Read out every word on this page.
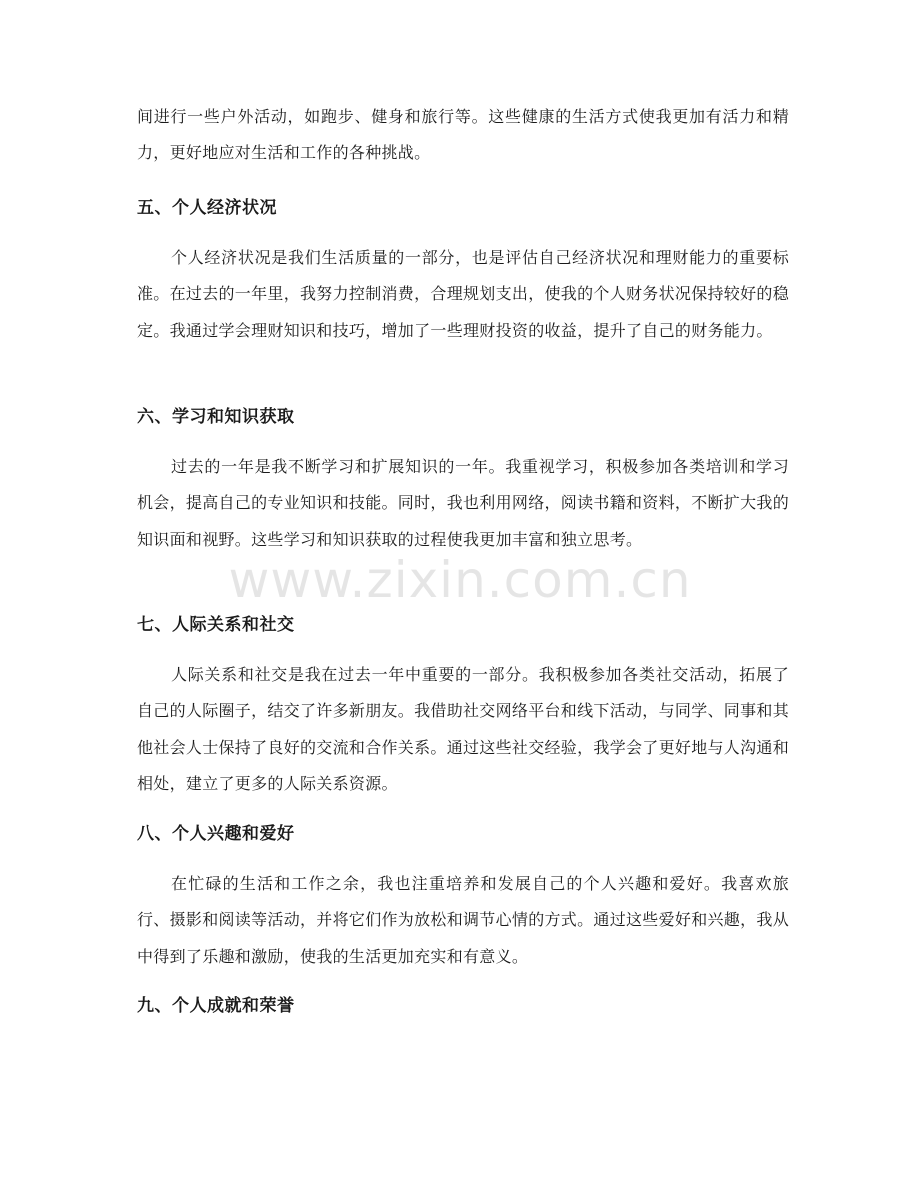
间进行一些户外活动，如跑步、健身和旅行等。这些健康的生活方式使我更加有活力和精力，更好地应对生活和工作的各种挑战。

五、个人经济状况

个人经济状况是我们生活质量的一部分，也是评估自己经济状况和理财能力的重要标准。在过去的一年里，我努力控制消费，合理规划支出，使我的个人财务状况保持较好的稳定。我通过学会理财知识和技巧，增加了一些理财投资的收益，提升了自己的财务能力。

六、学习和知识获取

过去的一年是我不断学习和扩展知识的一年。我重视学习，积极参加各类培训和学习机会，提高自己的专业知识和技能。同时，我也利用网络，阅读书籍和资料，不断扩大我的知识面和视野。这些学习和知识获取的过程使我更加丰富和独立思考。

七、人际关系和社交

人际关系和社交是我在过去一年中重要的一部分。我积极参加各类社交活动，拓展了自己的人际圈子，结交了许多新朋友。我借助社交网络平台和线下活动，与同学、同事和其他社会人士保持了良好的交流和合作关系。通过这些社交经验，我学会了更好地与人沟通和相处，建立了更多的人际关系资源。

八、个人兴趣和爱好

在忙碌的生活和工作之余，我也注重培养和发展自己的个人兴趣和爱好。我喜欢旅行、摄影和阅读等活动，并将它们作为放松和调节心情的方式。通过这些爱好和兴趣，我从中得到了乐趣和激励，使我的生活更加充实和有意义。

九、个人成就和荣誉
www.zixin.com.cn
